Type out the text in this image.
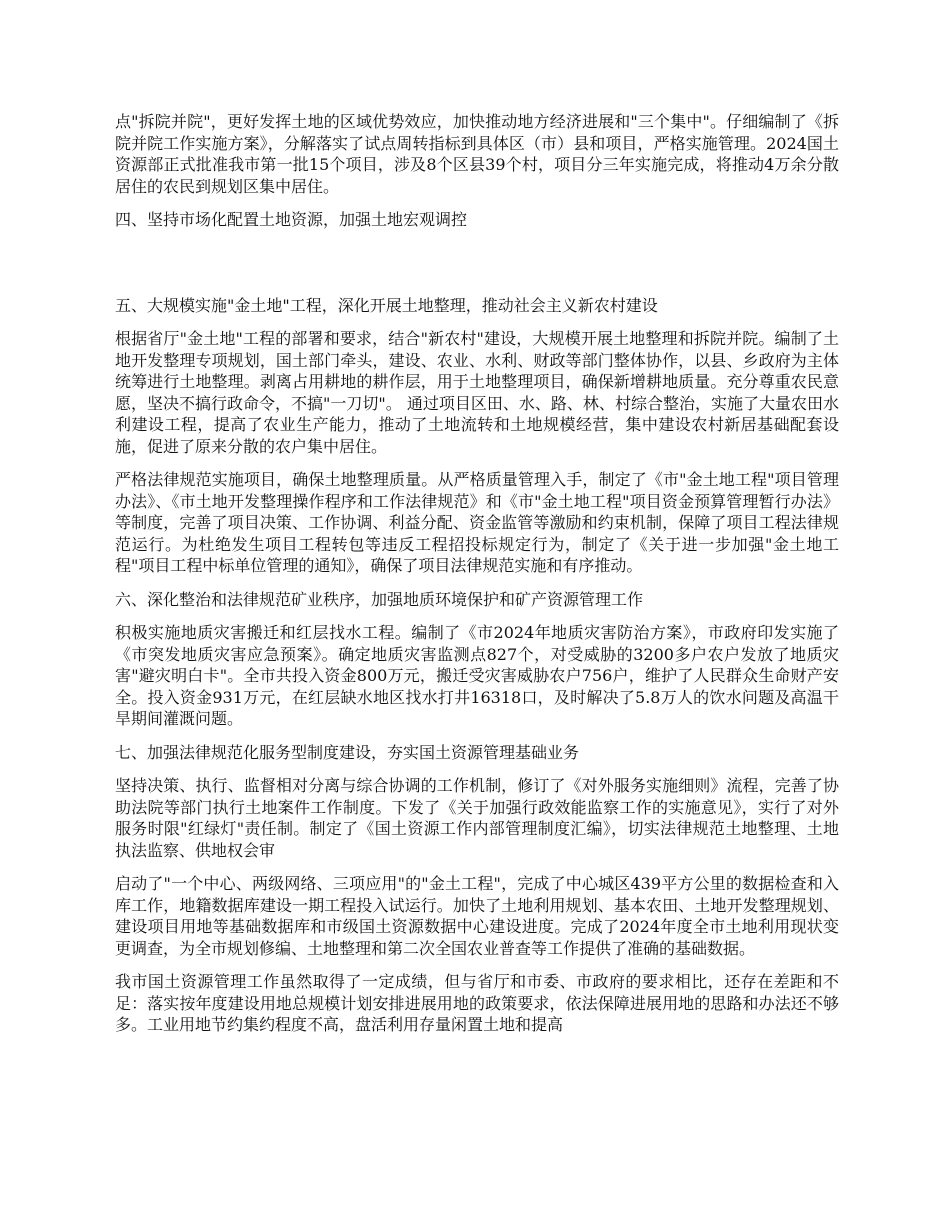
点"拆院并院"，更好发挥土地的区域优势效应，加快推动地方经济进展和"三个集中"。仔细编制了《拆院并院工作实施方案》，分解落实了试点周转指标到具体区（市）县和项目，严格实施管理。2024国土资源部正式批准我市第一批15个项目，涉及8个区县39个村，项目分三年实施完成，将推动4万余分散居住的农民到规划区集中居住。

四、坚持市场化配置土地资源，加强土地宏观调控

五、大规模实施"金土地"工程，深化开展土地整理，推动社会主义新农村建设

根据省厅"金土地"工程的部署和要求，结合"新农村"建设，大规模开展土地整理和拆院并院。编制了土地开发整理专项规划，国土部门牵头，建设、农业、水利、财政等部门整体协作，以县、乡政府为主体统筹进行土地整理。剥离占用耕地的耕作层，用于土地整理项目，确保新增耕地质量。充分尊重农民意愿，坚决不搞行政命令，不搞"一刀切"。 通过项目区田、水、路、林、村综合整治，实施了大量农田水利建设工程，提高了农业生产能力，推动了土地流转和土地规模经营，集中建设农村新居基础配套设施，促进了原来分散的农户集中居住。

严格法律规范实施项目，确保土地整理质量。从严格质量管理入手，制定了《市"金土地工程"项目管理办法》、《市土地开发整理操作程序和工作法律规范》和《市"金土地工程"项目资金预算管理暂行办法》等制度，完善了项目决策、工作协调、利益分配、资金监管等激励和约束机制，保障了项目工程法律规范运行。为杜绝发生项目工程转包等违反工程招投标规定行为，制定了《关于进一步加强"金土地工程"项目工程中标单位管理的通知》，确保了项目法律规范实施和有序推动。

六、深化整治和法律规范矿业秩序，加强地质环境保护和矿产资源管理工作

积极实施地质灾害搬迁和红层找水工程。编制了《市2024年地质灾害防治方案》，市政府印发实施了《市突发地质灾害应急预案》。确定地质灾害监测点827个，对受威胁的3200多户农户发放了地质灾害"避灾明白卡"。全市共投入资金800万元，搬迁受灾害威胁农户756户，维护了人民群众生命财产安全。投入资金931万元，在红层缺水地区找水打井16318口，及时解决了5.8万人的饮水问题及高温干旱期间灌溉问题。

七、加强法律规范化服务型制度建设，夯实国土资源管理基础业务

坚持决策、执行、监督相对分离与综合协调的工作机制，修订了《对外服务实施细则》流程，完善了协助法院等部门执行土地案件工作制度。下发了《关于加强行政效能监察工作的实施意见》，实行了对外服务时限"红绿灯"责任制。制定了《国土资源工作内部管理制度汇编》，切实法律规范土地整理、土地执法监察、供地权会审

启动了"一个中心、两级网络、三项应用"的"金土工程"，完成了中心城区439平方公里的数据检查和入库工作，地籍数据库建设一期工程投入试运行。加快了土地利用规划、基本农田、土地开发整理规划、建设项目用地等基础数据库和市级国土资源数据中心建设进度。完成了2024年度全市土地利用现状变更调查，为全市规划修编、土地整理和第二次全国农业普查等工作提供了准确的基础数据。

我市国土资源管理工作虽然取得了一定成绩，但与省厅和市委、市政府的要求相比，还存在差距和不足：落实按年度建设用地总规模计划安排进展用地的政策要求，依法保障进展用地的思路和办法还不够多。工业用地节约集约程度不高，盘活利用存量闲置土地和提高
